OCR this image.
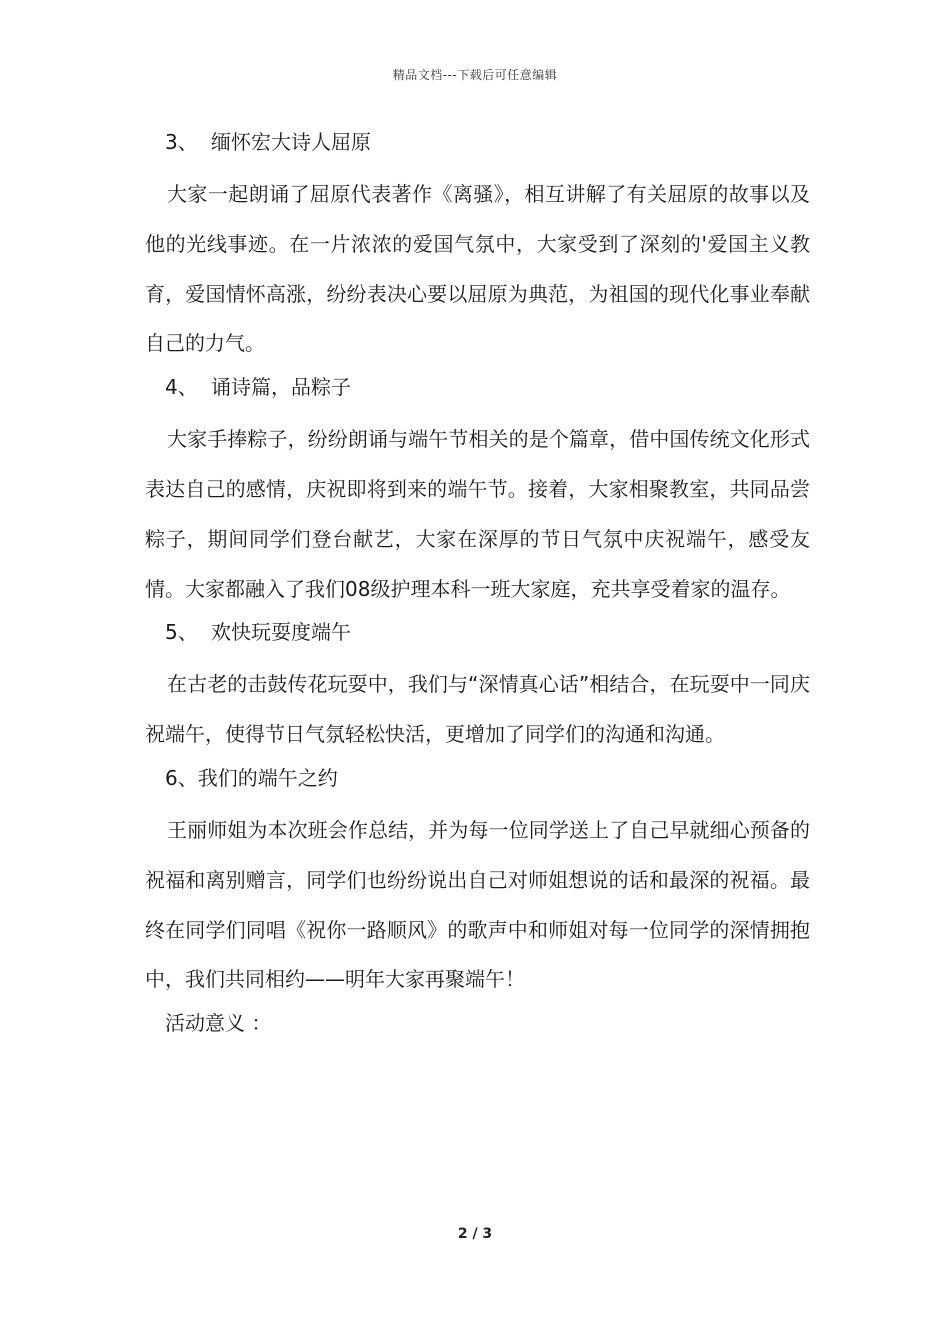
精品文档---下载后可任意编辑
3、 缅怀宏大诗人屈原

大家一起朗诵了屈原代表著作《离骚》，相互讲解了有关屈原的故事以及他的光线事迹。在一片浓浓的爱国气氛中，大家受到了深刻的'爱国主义教育，爱国情怀高涨，纷纷表决心要以屈原为典范，为祖国的现代化事业奉献自己的力气。

4、 诵诗篇，品粽子

大家手捧粽子，纷纷朗诵与端午节相关的是个篇章，借中国传统文化形式表达自己的感情，庆祝即将到来的端午节。接着，大家相聚教室，共同品尝粽子，期间同学们登台献艺，大家在深厚的节日气氛中庆祝端午，感受友情。大家都融入了我们08级护理本科一班大家庭，充共享受着家的温存。

5、 欢快玩耍度端午

在古老的击鼓传花玩耍中，我们与“深情真心话”相结合，在玩耍中一同庆祝端午，使得节日气氛轻松快活，更增加了同学们的沟通和沟通。

6、我们的端午之约

王丽师姐为本次班会作总结，并为每一位同学送上了自己早就细心预备的祝福和离别赠言，同学们也纷纷说出自己对师姐想说的话和最深的祝福。最终在同学们同唱《祝你一路顺风》的歌声中和师姐对每一位同学的深情拥抱中，我们共同相约——明年大家再聚端午！

活动意义 ：
2 / 3
